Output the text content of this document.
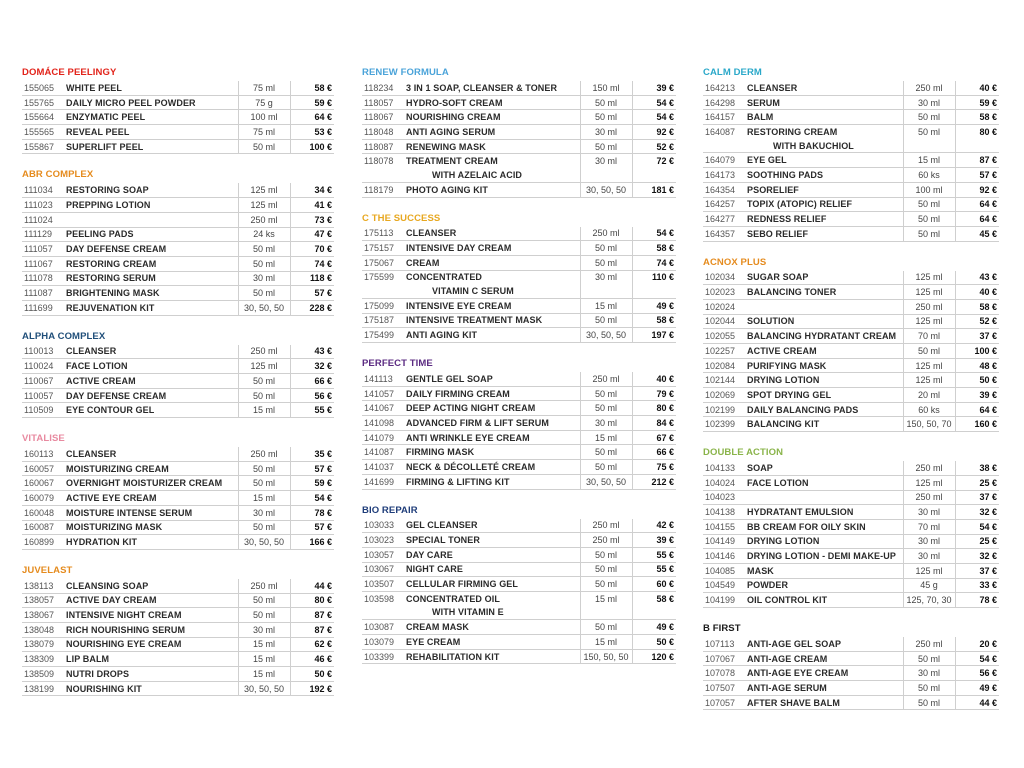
DOMÁCE PEELINGY
155065	WHITE PEEL	75 ml	58 €
155765	DAILY MICRO PEEL POWDER	75 g	59 €
155664	ENZYMATIC PEEL	100 ml	64 €
155565	REVEAL PEEL	75 ml	53 €
155867	SUPERLIFT PEEL	50 ml	100 €
ABR COMPLEX
111034	RESTORING SOAP	125 ml	34 €
111023	PREPPING LOTION	125 ml	41 €
111024		250 ml	73 €
111129	PEELING PADS	24 ks	47 €
111057	DAY DEFENSE CREAM	50 ml	70 €
111067	RESTORING CREAM	50 ml	74 €
111078	RESTORING SERUM	30 ml	118 €
111087	BRIGHTENING MASK	50 ml	57 €
111699	REJUVENATION KIT	30, 50, 50	228 €
ALPHA COMPLEX
110013	CLEANSER	250 ml	43 €
110024	FACE LOTION	125 ml	32 €
110067	ACTIVE CREAM	50 ml	66 €
110057	DAY DEFENSE CREAM	50 ml	56 €
110509	EYE CONTOUR GEL	15 ml	55 €
VITALISE
160113	CLEANSER	250 ml	35 €
160057	MOISTURIZING CREAM	50 ml	57 €
160067	OVERNIGHT MOISTURIZER CREAM	50 ml	59 €
160079	ACTIVE EYE CREAM	15 ml	54 €
160048	MOISTURE INTENSE SERUM	30 ml	78 €
160087	MOISTURIZING MASK	50 ml	57 €
160899	HYDRATION KIT	30, 50, 50	166 €
JUVELAST
138113	CLEANSING SOAP	250 ml	44 €
138057	ACTIVE DAY CREAM	50 ml	80 €
138067	INTENSIVE NIGHT CREAM	50 ml	87 €
138048	RICH NOURISHING SERUM	30 ml	87 €
138079	NOURISHING EYE CREAM	15 ml	62 €
138309	LIP BALM	15 ml	46 €
138509	NUTRI DROPS	15 ml	50 €
138199	NOURISHING KIT	30, 50, 50	192 €
RENEW FORMULA
118234	3 IN 1 SOAP, CLEANSER & TONER	150 ml	39 €
118057	HYDRO-SOFT CREAM	50 ml	54 €
118067	NOURISHING CREAM	50 ml	54 €
118048	ANTI AGING SERUM	30 ml	92 €
118087	RENEWING MASK	50 ml	52 €
118078	TREATMENT CREAM	30 ml	72 €
	WITH AZELAIC ACID		
118179	PHOTO AGING KIT	30, 50, 50	181 €
C THE SUCCESS
175113	CLEANSER	250 ml	54 €
175157	INTENSIVE DAY CREAM	50 ml	58 €
175067	CREAM	50 ml	74 €
175599	CONCENTRATED	30 ml	110 €
	VITAMIN C SERUM		
175099	INTENSIVE EYE CREAM	15 ml	49 €
175187	INTENSIVE TREATMENT MASK	50 ml	58 €
175499	ANTI AGING KIT	30, 50, 50	197 €
PERFECT TIME
141113	GENTLE GEL SOAP	250 ml	40 €
141057	DAILY FIRMING CREAM	50 ml	79 €
141067	DEEP ACTING NIGHT CREAM	50 ml	80 €
141098	ADVANCED FIRM & LIFT SERUM	30 ml	84 €
141079	ANTI WRINKLE EYE CREAM	15 ml	67 €
141087	FIRMING MASK	50 ml	66 €
141037	NECK & DÉCOLLETÉ CREAM	50 ml	75 €
141699	FIRMING & LIFTING KIT	30, 50, 50	212 €
BIO REPAIR
103033	GEL CLEANSER	250 ml	42 €
103023	SPECIAL TONER	250 ml	39 €
103057	DAY CARE	50 ml	55 €
103067	NIGHT CARE	50 ml	55 €
103507	CELLULAR FIRMING GEL	50 ml	60 €
103598	CONCENTRATED OIL	15 ml	58 €
	WITH VITAMIN E		
103087	CREAM MASK	50 ml	49 €
103079	EYE CREAM	15 ml	50 €
103399	REHABILITATION KIT	150, 50, 50	120 €
CALM DERM
164213	CLEANSER	250 ml	40 €
164298	SERUM	30 ml	59 €
164157	BALM	50 ml	58 €
164087	RESTORING CREAM	50 ml	80 €
	WITH BAKUCHIOL		
164079	EYE GEL	15 ml	87 €
164173	SOOTHING PADS	60 ks	57 €
164354	PSORELIEF	100 ml	92 €
164257	TOPIX (ATOPIC) RELIEF	50 ml	64 €
164277	REDNESS RELIEF	50 ml	64 €
164357	SEBO RELIEF	50 ml	45 €
ACNOX PLUS
102034	SUGAR SOAP	125 ml	43 €
102023	BALANCING TONER	125 ml	40 €
102024		250 ml	58 €
102044	SOLUTION	125 ml	52 €
102055	BALANCING HYDRATANT CREAM	70 ml	37 €
102257	ACTIVE CREAM	50 ml	100 €
102084	PURIFYING MASK	125 ml	48 €
102144	DRYING LOTION	125 ml	50 €
102069	SPOT DRYING GEL	20 ml	39 €
102199	DAILY BALANCING PADS	60 ks	64 €
102399	BALANCING KIT	150, 50, 70	160 €
DOUBLE ACTION
104133	SOAP	250 ml	38 €
104024	FACE LOTION	125 ml	25 €
104023		250 ml	37 €
104138	HYDRATANT EMULSION	30 ml	32 €
104155	BB CREAM FOR OILY SKIN	70 ml	54 €
104149	DRYING LOTION	30 ml	25 €
104146	DRYING LOTION - DEMI MAKE-UP	30 ml	32 €
104085	MASK	125 ml	37 €
104549	POWDER	45 g	33 €
104199	OIL CONTROL KIT	125, 70, 30	78 €
B FIRST
107113	ANTI-AGE GEL SOAP	250 ml	20 €
107067	ANTI-AGE CREAM	50 ml	54 €
107078	ANTI-AGE EYE CREAM	30 ml	56 €
107507	ANTI-AGE SERUM	50 ml	49 €
107057	AFTER SHAVE BALM	50 ml	44 €
